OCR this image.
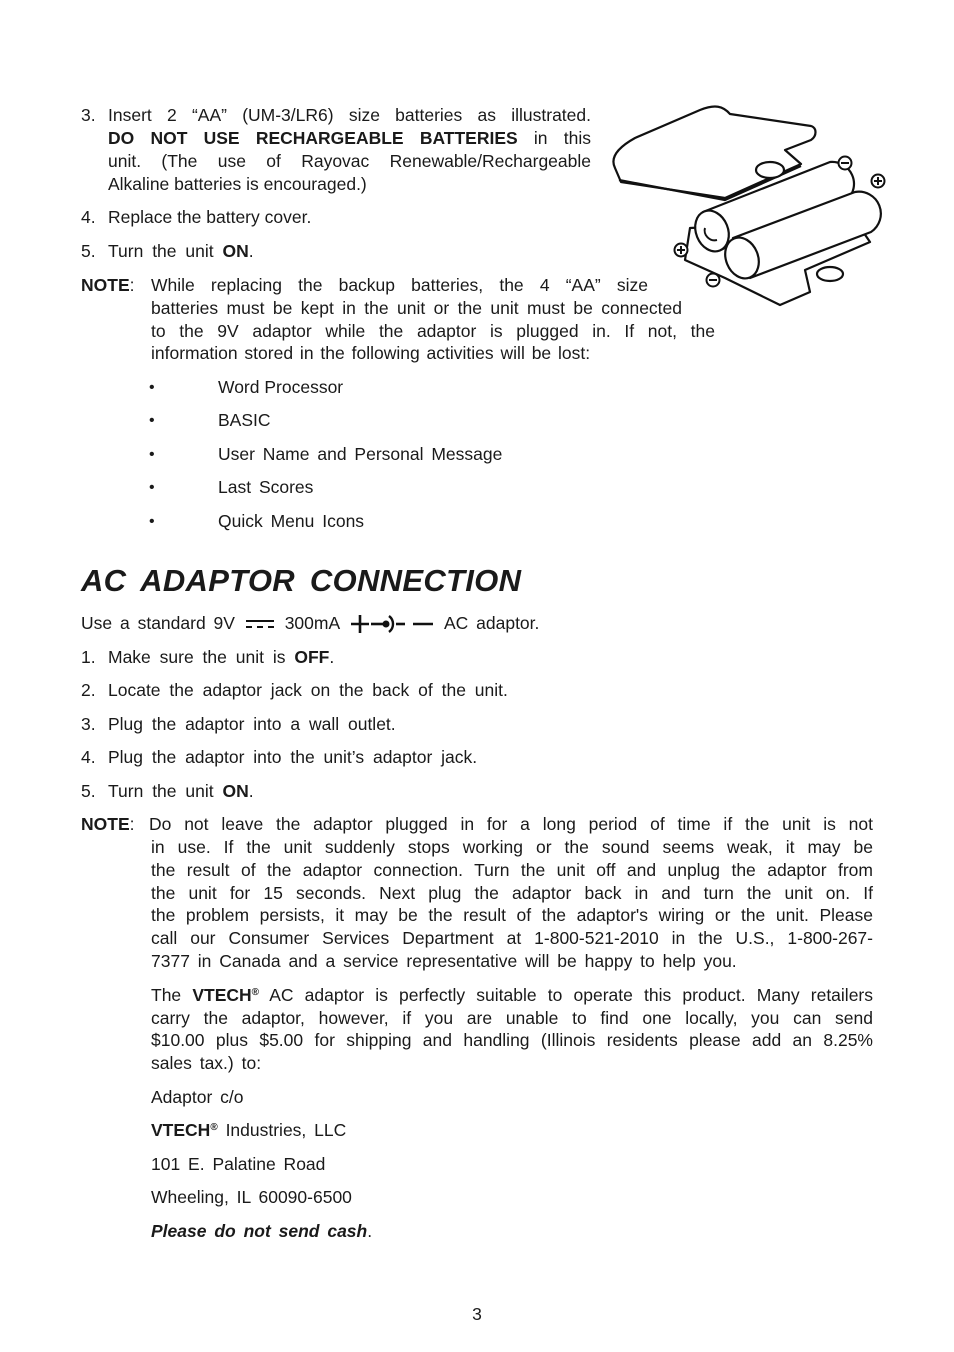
3. Insert 2 “AA” (UM-3/LR6) size batteries as illustrated.
DO NOT USE RECHARGEABLE BATTERIES in this
unit. (The use of Rayovac Renewable/Rechargeable
Alkaline batteries is encouraged.)
4. Replace the battery cover.
5. Turn the unit ON.
NOTE: While replacing the backup batteries, the 4 “AA” size
batteries must be kept in the unit or the unit must be connected
to the 9V adaptor while the adaptor is plugged in. If not, the
information stored in the following activities will be lost:
•	Word Processor
•	BASIC
•	User Name and Personal Message
•	Last Scores
•	Quick Menu Icons
AC ADAPTOR CONNECTION
Use a standard 9V	300mA	AC adaptor.
1. Make sure the unit is OFF.
2. Locate the adaptor jack on the back of the unit.
3. Plug the adaptor into a wall outlet.
4. Plug the adaptor into the unit’s adaptor jack.
5. Turn the unit ON.
NOTE: Do not leave the adaptor plugged in for a long period of time if the unit is not
in use. If the unit suddenly stops working or the sound seems weak, it may be
the result of the adaptor connection. Turn the unit off and unplug the adaptor from
the unit for 15 seconds. Next plug the adaptor back in and turn the unit on. If
the problem persists, it may be the result of the adaptor's wiring or the unit. Please
call our Consumer Services Department at 1-800-521-2010 in the U.S., 1-800-267-
7377 in Canada and a service representative will be happy to help you.
The VTECH® AC adaptor is perfectly suitable to operate this product. Many retailers
carry the adaptor, however, if you are unable to find one locally, you can send
$10.00 plus $5.00 for shipping and handling (Illinois residents please add an 8.25%
sales tax.) to:
Adaptor c/o
VTECH® Industries, LLC
101 E. Palatine Road
Wheeling, IL 60090-6500
Please do not send cash.
3
